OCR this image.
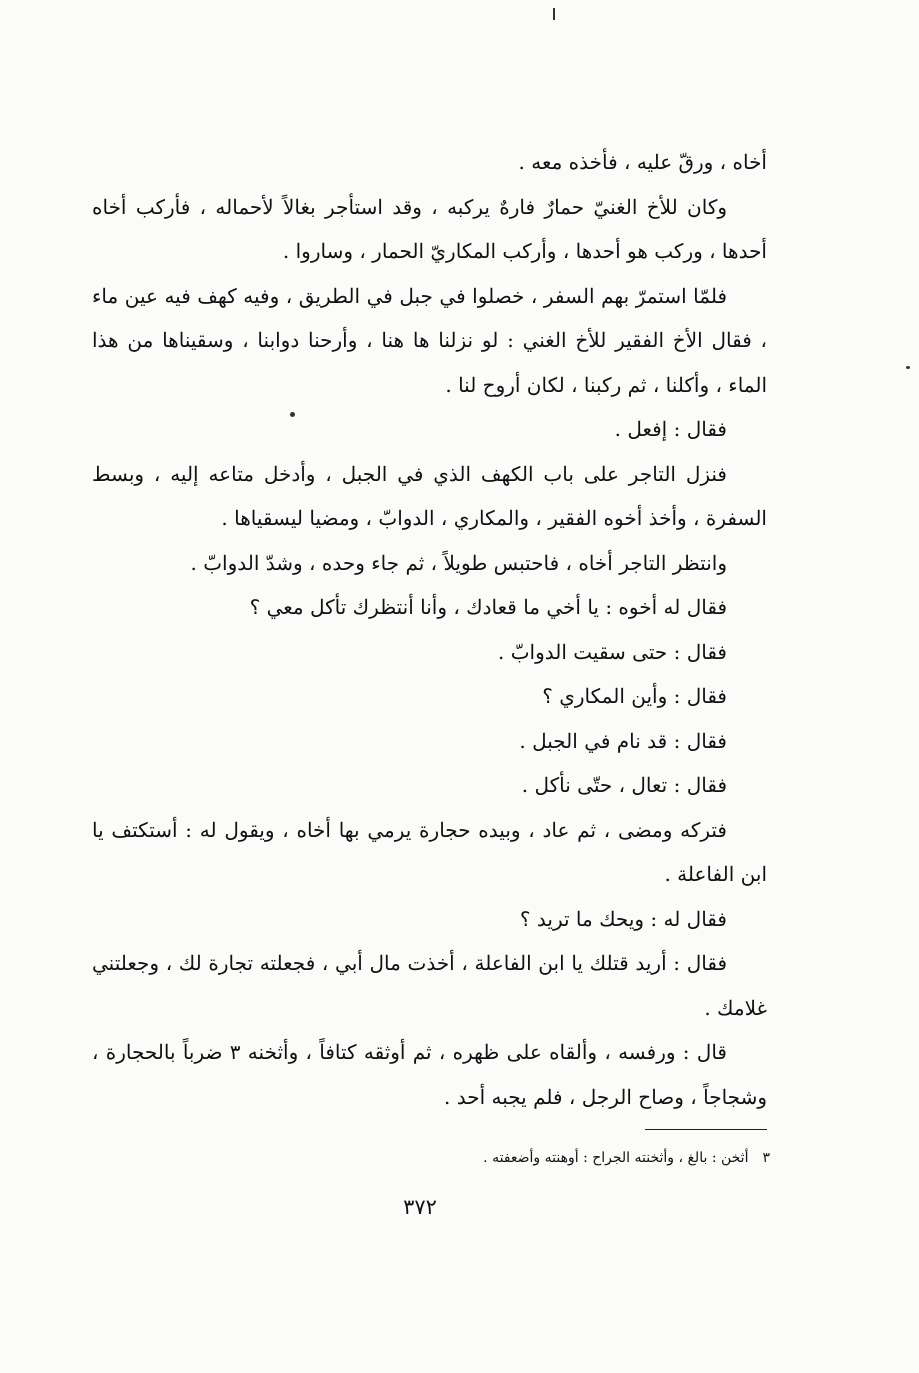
أخاه ، ورقّ عليه ، فأخذه معه .

وكان للأخ الغنيّ حمارٌ فارهٌ يركبه ، وقد استأجر بغالاً لأحماله ، فأركب أخاه أحدها ، وركب هو أحدها ، وأركب المكاريّ الحمار ، وساروا .

فلمّا استمرّ بهم السفر ، خصلوا في جبل في الطريق ، وفيه كهف فيه عين ماء ، فقال الأخ الفقير للأخ الغني : لو نزلنا ها هنا ، وأرحنا دوابنا ، وسقيناها من هذا الماء ، وأكلنا ، ثم ركبنا ، لكان أروح لنا .

فقال : إفعل .

فنزل التاجر على باب الكهف الذي في الجبل ، وأدخل متاعه إليه ، وبسط السفرة ، وأخذ أخوه الفقير ، والمكاري ، الدوابّ ، ومضيا ليسقياها .

وانتظر التاجر أخاه ، فاحتبس طويلاً ، ثم جاء وحده ، وشدّ الدوابّ .

فقال له أخوه : يا أخي ما قعادك ، وأنا أنتظرك تأكل معي ؟

فقال : حتى سقيت الدوابّ .

فقال : وأين المكاري ؟

فقال : قد نام في الجبل .

فقال : تعال ، حتّى نأكل .

فتركه ومضى ، ثم عاد ، وبيده حجارة يرمي بها أخاه ، ويقول له : أستكتف يا ابن الفاعلة .

فقال له : ويحك ما تريد ؟

فقال : أريد قتلك يا ابن الفاعلة ، أخذت مال أبي ، فجعلته تجارة لك ، وجعلتني غلامك .

قال : ورفسه ، وألقاه على ظهره ، ثم أوثقه كتافاً ، وأثخنه ٣ ضرباً بالحجارة ، وشجاجاً ، وصاح الرجل ، فلم يجبه أحد .

٣أثخن : بالغ ، وأثخنته الجراح : أوهنته وأضعفته .
٣٧٢
